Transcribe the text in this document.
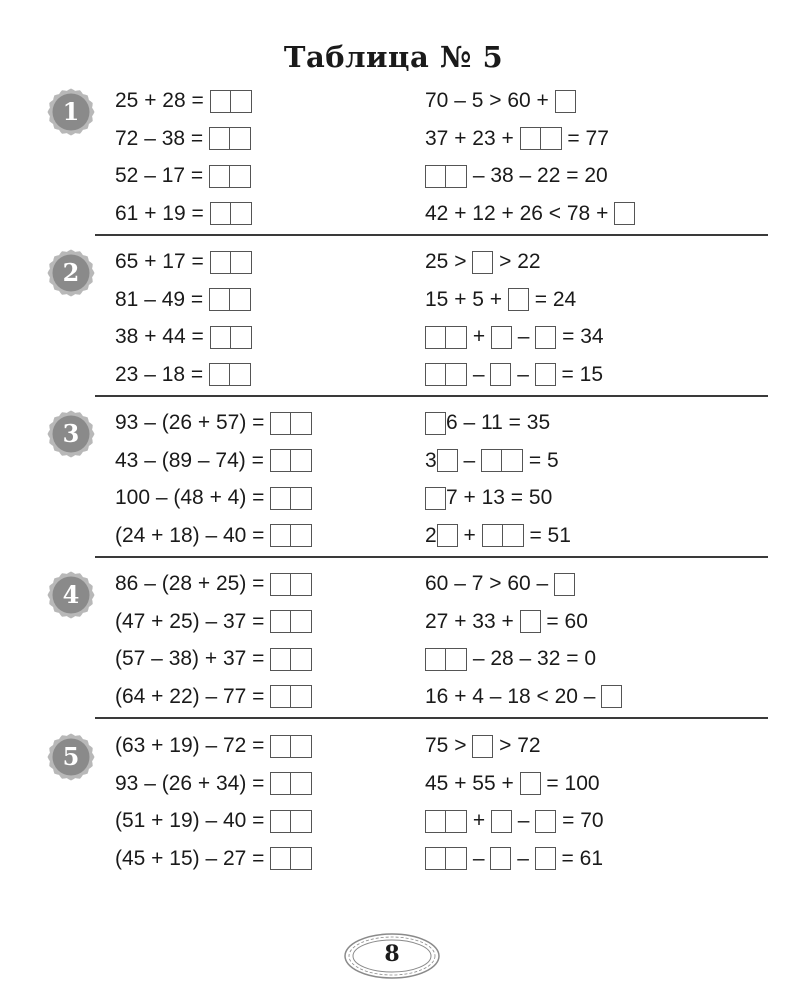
Таблица № 5
1 25 + 28 =
72 – 38 =
52 – 17 =
61 + 19 =
70 – 5 > 60 +
37 + 23 + = 77
– 38 – 22 = 20
42 + 12 + 26 < 78 +
2 65 + 17 =
81 – 49 =
38 + 44 =
23 – 18 =
25 > > 22
15 + 5 + = 24
+ – = 34
– – = 15
3 93 – (26 + 57) =
43 – (89 – 74) =
100 – (48 + 4) =
(24 + 18) – 40 =
6 – 11 = 35
3 – = 5
7 + 13 = 50
2 + = 51
4 86 – (28 + 25) =
(47 + 25) – 37 =
(57 – 38) + 37 =
(64 + 22) – 77 =
60 – 7 > 60 –
27 + 33 + = 60
– 28 – 32 = 0
16 + 4 – 18 < 20 –
5 (63 + 19) – 72 =
93 – (26 + 34) =
(51 + 19) – 40 =
(45 + 15) – 27 =
75 > > 72
45 + 55 + = 100
+ – = 70
– – = 61
8
